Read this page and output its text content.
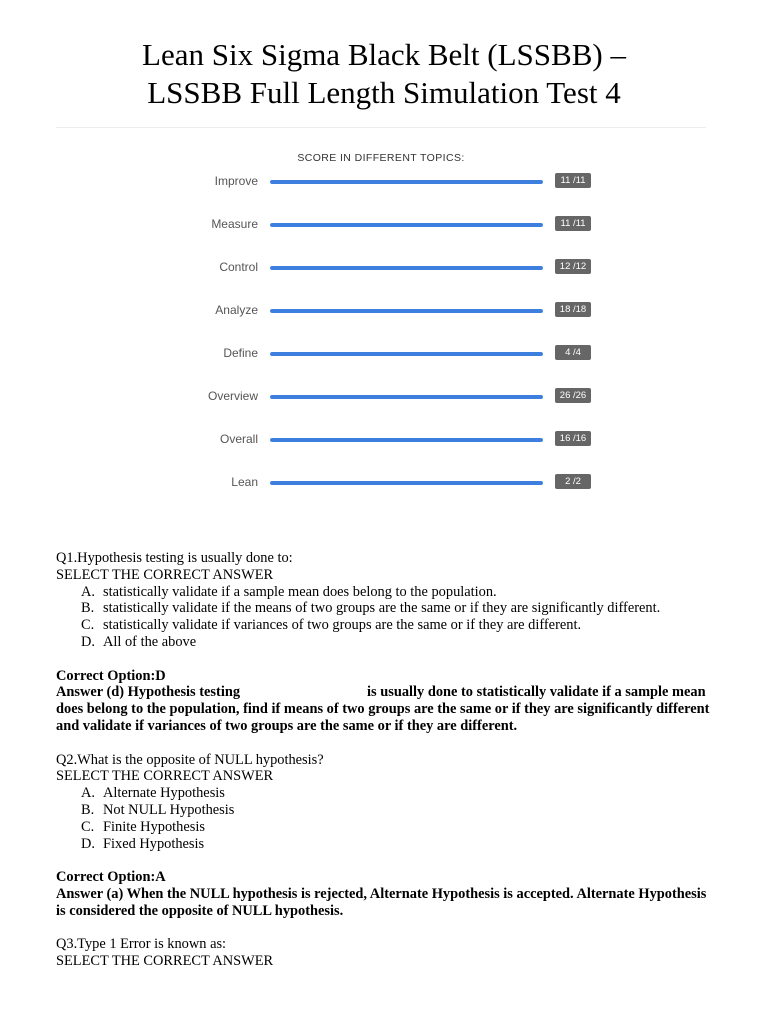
Lean Six Sigma Black Belt (LSSBB) –
LSSBB Full Length Simulation Test 4
SCORE IN DIFFERENT TOPICS:
Improve	11 /11
Measure	11 /11
Control	12 /12
Analyze	18 /18
Define	4 /4
Overview	26 /26
Overall	16 /16
Lean	2 /2

Q1.Hypothesis testing is usually done to:

SELECT THE CORRECT ANSWER

A. statistically validate if a sample mean does belong to the population.
B. statistically validate if the means of two groups are the same or if they are significantly different.
C. statistically validate if variances of two groups are the same or if they are different.
D. All of the above

Correct Option:D

Answer (d) Hypothesis testing	is usually done to statistically validate if a sample mean does belong to the population, find if means of two groups are the same or if they are significantly different and validate if variances of two groups are the same or if they are different.

Q2.What is the opposite of NULL hypothesis?

SELECT THE CORRECT ANSWER

A. Alternate Hypothesis
B. Not NULL Hypothesis
C. Finite Hypothesis
D. Fixed Hypothesis

Correct Option:A

Answer (a) When the NULL hypothesis is rejected, Alternate Hypothesis is accepted. Alternate Hypothesis is considered the opposite of NULL hypothesis.

Q3.Type 1 Error is known as:

SELECT THE CORRECT ANSWER
